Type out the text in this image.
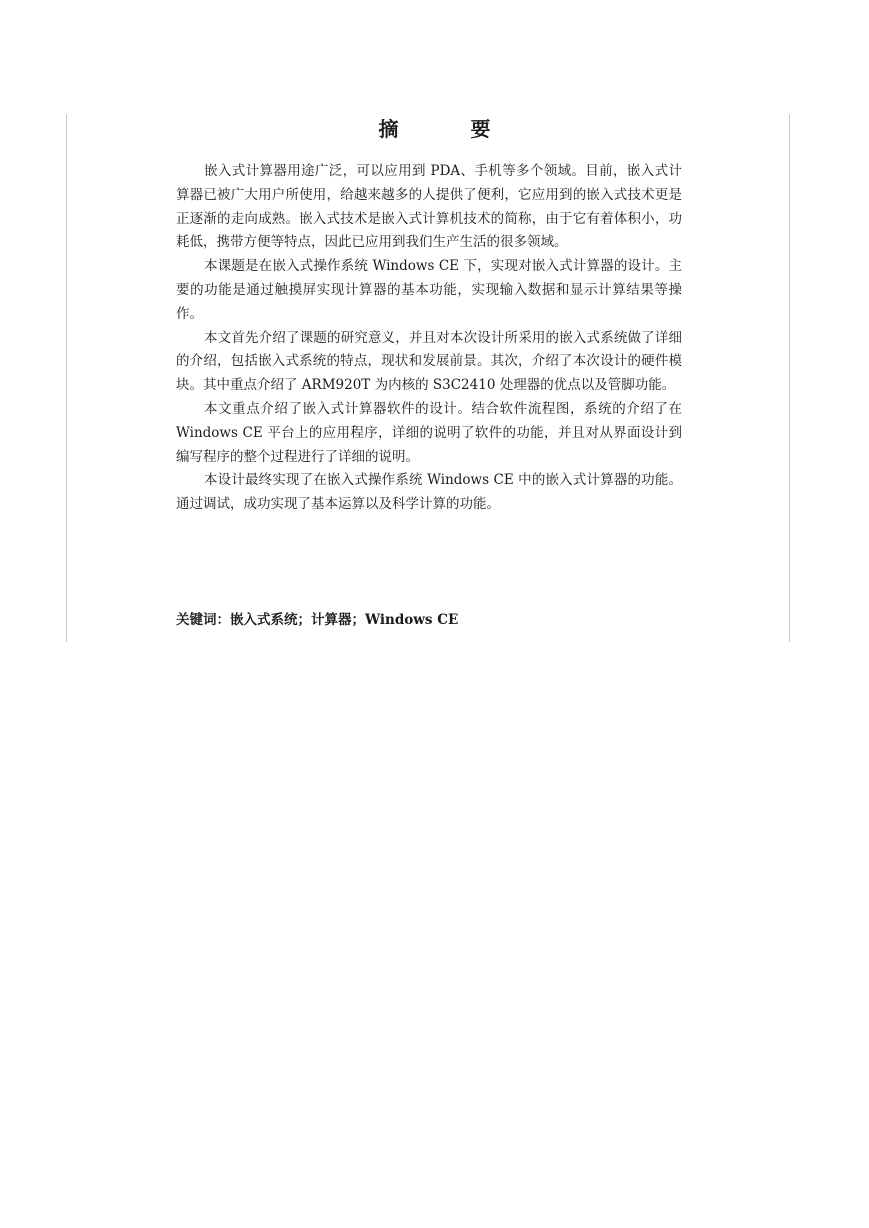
摘　要

嵌入式计算器用途广泛，可以应用到 PDA、手机等多个领域。目前，嵌入式计算器已被广大用户所使用，给越来越多的人提供了便利，它应用到的嵌入式技术更是正逐渐的走向成熟。嵌入式技术是嵌入式计算机技术的简称，由于它有着体积小，功耗低，携带方便等特点，因此已应用到我们生产生活的很多领域。

本课题是在嵌入式操作系统 Windows CE 下，实现对嵌入式计算器的设计。主要的功能是通过触摸屏实现计算器的基本功能，实现输入数据和显示计算结果等操作。

本文首先介绍了课题的研究意义，并且对本次设计所采用的嵌入式系统做了详细的介绍，包括嵌入式系统的特点，现状和发展前景。其次，介绍了本次设计的硬件模块。其中重点介绍了 ARM920T 为内核的 S3C2410 处理器的优点以及管脚功能。

本文重点介绍了嵌入式计算器软件的设计。结合软件流程图，系统的介绍了在 Windows CE 平台上的应用程序，详细的说明了软件的功能，并且对从界面设计到编写程序的整个过程进行了详细的说明。

本设计最终实现了在嵌入式操作系统 Windows CE 中的嵌入式计算器的功能。通过调试，成功实现了基本运算以及科学计算的功能。

关键词：嵌入式系统；计算器；Windows CE
